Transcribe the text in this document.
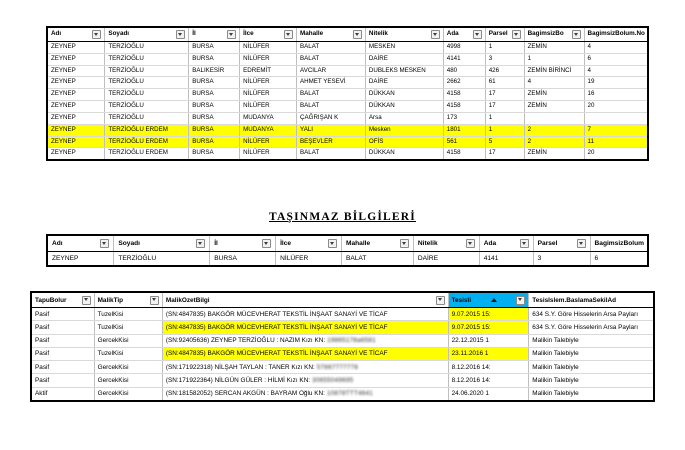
Adı	Soyadı	İl	İlce	Mahalle	Nitelik	Ada	Parsel	BagimsizBo	BagimsizBolum.No

ZEYNEP	TERZİOĞLU	BURSA	NİLÜFER	BALAT	MESKEN	4998	1	ZEMİN	4
ZEYNEP	TERZİOĞLU	BURSA	NİLÜFER	BALAT	DAİRE	4141	3	1	6
ZEYNEP	TERZİOĞLU	BALIKESİR	EDREMİT	AVCILAR	DUBLEKS MESKEN	480	426	ZEMİN BİRİNCİ	4
ZEYNEP	TERZİOĞLU	BURSA	NİLÜFER	AHMET YESEVİ	DAİRE	2662	61	4	19
ZEYNEP	TERZİOĞLU	BURSA	NİLÜFER	BALAT	DÜKKAN	4158	17	ZEMİN	16
ZEYNEP	TERZİOĞLU	BURSA	NİLÜFER	BALAT	DÜKKAN	4158	17	ZEMİN	20
ZEYNEP	TERZİOĞLU	BURSA	MUDANYA	ÇAĞRIŞAN K	Arsa	173	1		
ZEYNEP	TERZİOĞLU ERDEM	BURSA	MUDANYA	YALI	Mesken	1801	1	2	7
ZEYNEP	TERZİOĞLU ERDEM	BURSA	NİLÜFER	BEŞEVLER	OFİS	561	5	2	11
ZEYNEP	TERZİOĞLU ERDEM	BURSA	NİLÜFER	BALAT	DÜKKAN	4158	17	ZEMİN	20
TAŞINMAZ BİLGİLERİ
Adı	Soyadı	İl	İlce	Mahalle	Nitelik	Ada	Parsel	BagimsizBolum

ZEYNEP	TERZİOĞLU	BURSA	NİLÜFER	BALAT	DAİRE	4141	3	6
TapuBolur	MalikTip	MalikOzetBilgi	Tesisli	TesisIslem.BaslamaSekilAd

Pasif	TuzelKisi	(SN:4847835) BAKGÖR MÜCEVHERAT TEKSTİL İNŞAAT SANAYİ VE TİCAF	9.07.2015 15:	634 S.Y. Göre Hisselerin Arsa Payları
Pasif	TuzelKisi	(SN:4847835) BAKGÖR MÜCEVHERAT TEKSTİL İNŞAAT SANAYİ VE TİCAF	9.07.2015 15:	634 S.Y. Göre Hisselerin Arsa Payları
Pasif	GercekKisi	(SN:92405636) ZEYNEP TERZİOĞLU : NAZIM Kızı KN: 19865178a6581	22.12.2015 1	Malikin Talebiyle
Pasif	TuzelKisi	(SN:4847835) BAKGÖR MÜCEVHERAT TEKSTİL İNŞAAT SANAYİ VE TİCAF	23.11.2016 1	Malikin Talebiyle
Pasif	GercekKisi	(SN:171922318) NİLŞAH TAYLAN : TANER Kızı KN: 57867777778	8.12.2016 14:	Malikin Talebiyle
Pasif	GercekKisi	(SN:171922364) NİLGÜN GÜLER : HİLMİ Kızı KN: 30655049695	8.12.2016 14:	Malikin Talebiyle
Aktif	GercekKisi	(SN:181582052) SERCAN AKGÜN : BAYRAM Oğlu KN: 10878TTT4641	24.06.2020 1	Malikin Talebiyle
